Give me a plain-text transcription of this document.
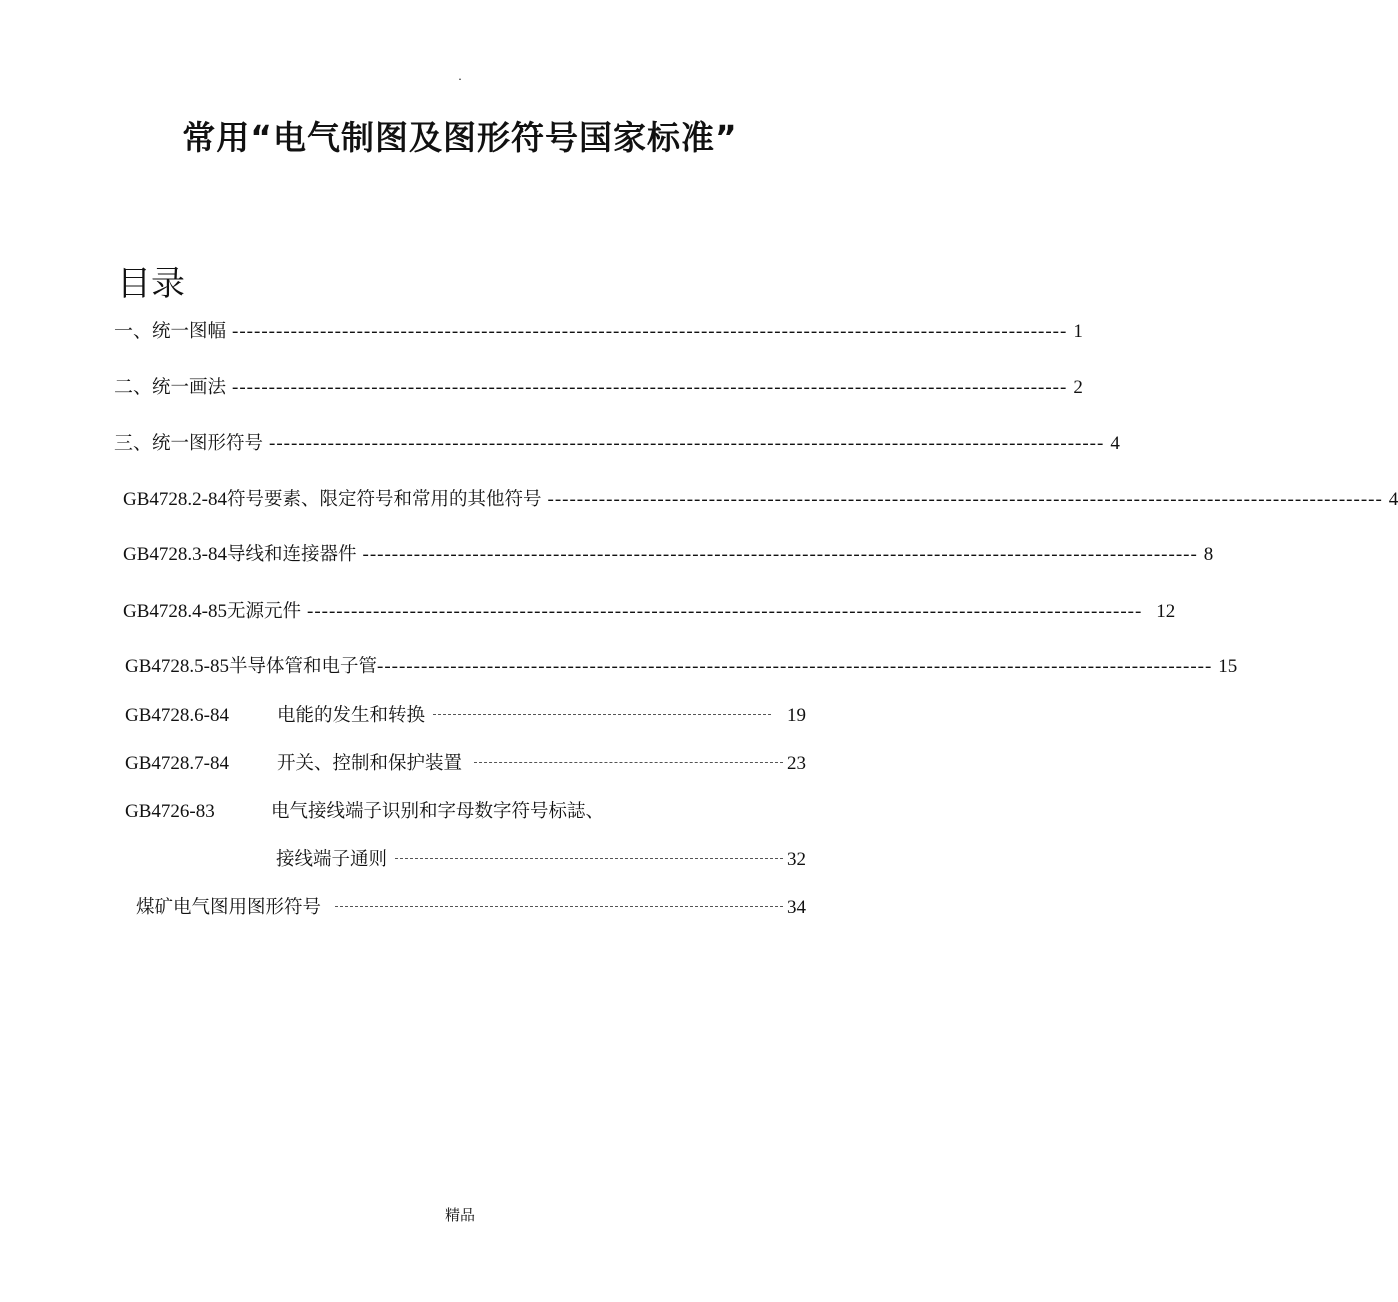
.
常用“电气制图及图形符号国家标准”
目录
一、 统一图幅 ------------------------------------------------------------------------------------------------------------------ 1
二、 统一画法 ------------------------------------------------------------------------------------------------------------------ 2
三、 统一图形符号 ------------------------------------------------------------------------------------------------------------------ 4
GB4728.2-84 符号要素、限定符号和常用的其他符号 ------------------------------------------------------------------------------------------------------------------ 4
GB4728.3-84 导线和连接器件 ------------------------------------------------------------------------------------------------------------------ 8
GB4728.4-85 无源元件 ------------------------------------------------------------------------------------------------------------------ 12
GB4728.5-85 半导体管和电子管 ------------------------------------------------------------------------------------------------------------------ 15
GB4728.6-84	电能的发生和转换	19
GB4728.7-84	开关、控制和保护装置	23
GB4726-83	电气接线端子识别和字母数字符号标誌、
接线端子通则	32
煤矿电气图用图形符号	34
精品
